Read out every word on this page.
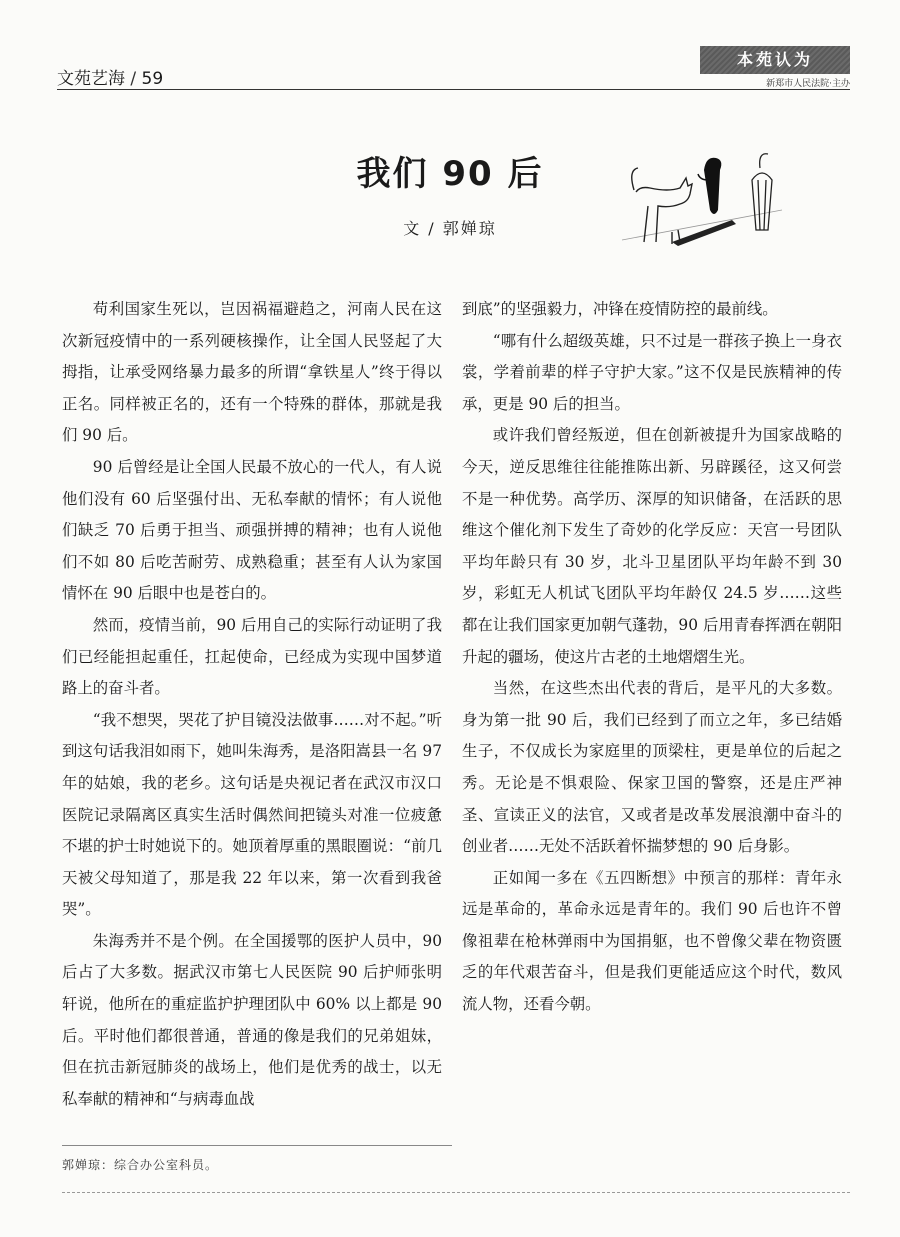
文苑艺海 / 59
本苑认为
新郑市人民法院·主办
我们 90 后
文 / 郭婵琼

苟利国家生死以，岂因祸福避趋之，河南人民在这次新冠疫情中的一系列硬核操作，让全国人民竖起了大拇指，让承受网络暴力最多的所谓“拿铁星人”终于得以正名。同样被正名的，还有一个特殊的群体，那就是我们 90 后。

90 后曾经是让全国人民最不放心的一代人，有人说他们没有 60 后坚强付出、无私奉献的情怀；有人说他们缺乏 70 后勇于担当、顽强拼搏的精神；也有人说他们不如 80 后吃苦耐劳、成熟稳重；甚至有人认为家国情怀在 90 后眼中也是苍白的。

然而，疫情当前，90 后用自己的实际行动证明了我们已经能担起重任，扛起使命，已经成为实现中国梦道路上的奋斗者。

“我不想哭，哭花了护目镜没法做事……对不起。”听到这句话我泪如雨下，她叫朱海秀，是洛阳嵩县一名 97 年的姑娘，我的老乡。这句话是央视记者在武汉市汉口医院记录隔离区真实生活时偶然间把镜头对准一位疲惫不堪的护士时她说下的。她顶着厚重的黑眼圈说：“前几天被父母知道了，那是我 22 年以来，第一次看到我爸哭”。

朱海秀并不是个例。在全国援鄂的医护人员中，90 后占了大多数。据武汉市第七人民医院 90 后护师张明轩说，他所在的重症监护护理团队中 60% 以上都是 90 后。平时他们都很普通，普通的像是我们的兄弟姐妹，但在抗击新冠肺炎的战场上，他们是优秀的战士，以无私奉献的精神和“与病毒血战

到底”的坚强毅力，冲锋在疫情防控的最前线。

“哪有什么超级英雄，只不过是一群孩子换上一身衣裳，学着前辈的样子守护大家。”这不仅是民族精神的传承，更是 90 后的担当。

或许我们曾经叛逆，但在创新被提升为国家战略的今天，逆反思维往往能推陈出新、另辟蹊径，这又何尝不是一种优势。高学历、深厚的知识储备，在活跃的思维这个催化剂下发生了奇妙的化学反应：天宫一号团队平均年龄只有 30 岁，北斗卫星团队平均年龄不到 30 岁，彩虹无人机试飞团队平均年龄仅 24.5 岁……这些都在让我们国家更加朝气蓬勃，90 后用青春挥洒在朝阳升起的疆场，使这片古老的土地熠熠生光。

当然，在这些杰出代表的背后，是平凡的大多数。身为第一批 90 后，我们已经到了而立之年，多已结婚生子，不仅成长为家庭里的顶梁柱，更是单位的后起之秀。无论是不惧艰险、保家卫国的警察，还是庄严神圣、宣读正义的法官，又或者是改革发展浪潮中奋斗的创业者……无处不活跃着怀揣梦想的 90 后身影。

正如闻一多在《五四断想》中预言的那样：青年永远是革命的，革命永远是青年的。我们 90 后也许不曾像祖辈在枪林弹雨中为国捐躯，也不曾像父辈在物资匮乏的年代艰苦奋斗，但是我们更能适应这个时代，数风流人物，还看今朝。

郭婵琼：综合办公室科员。
